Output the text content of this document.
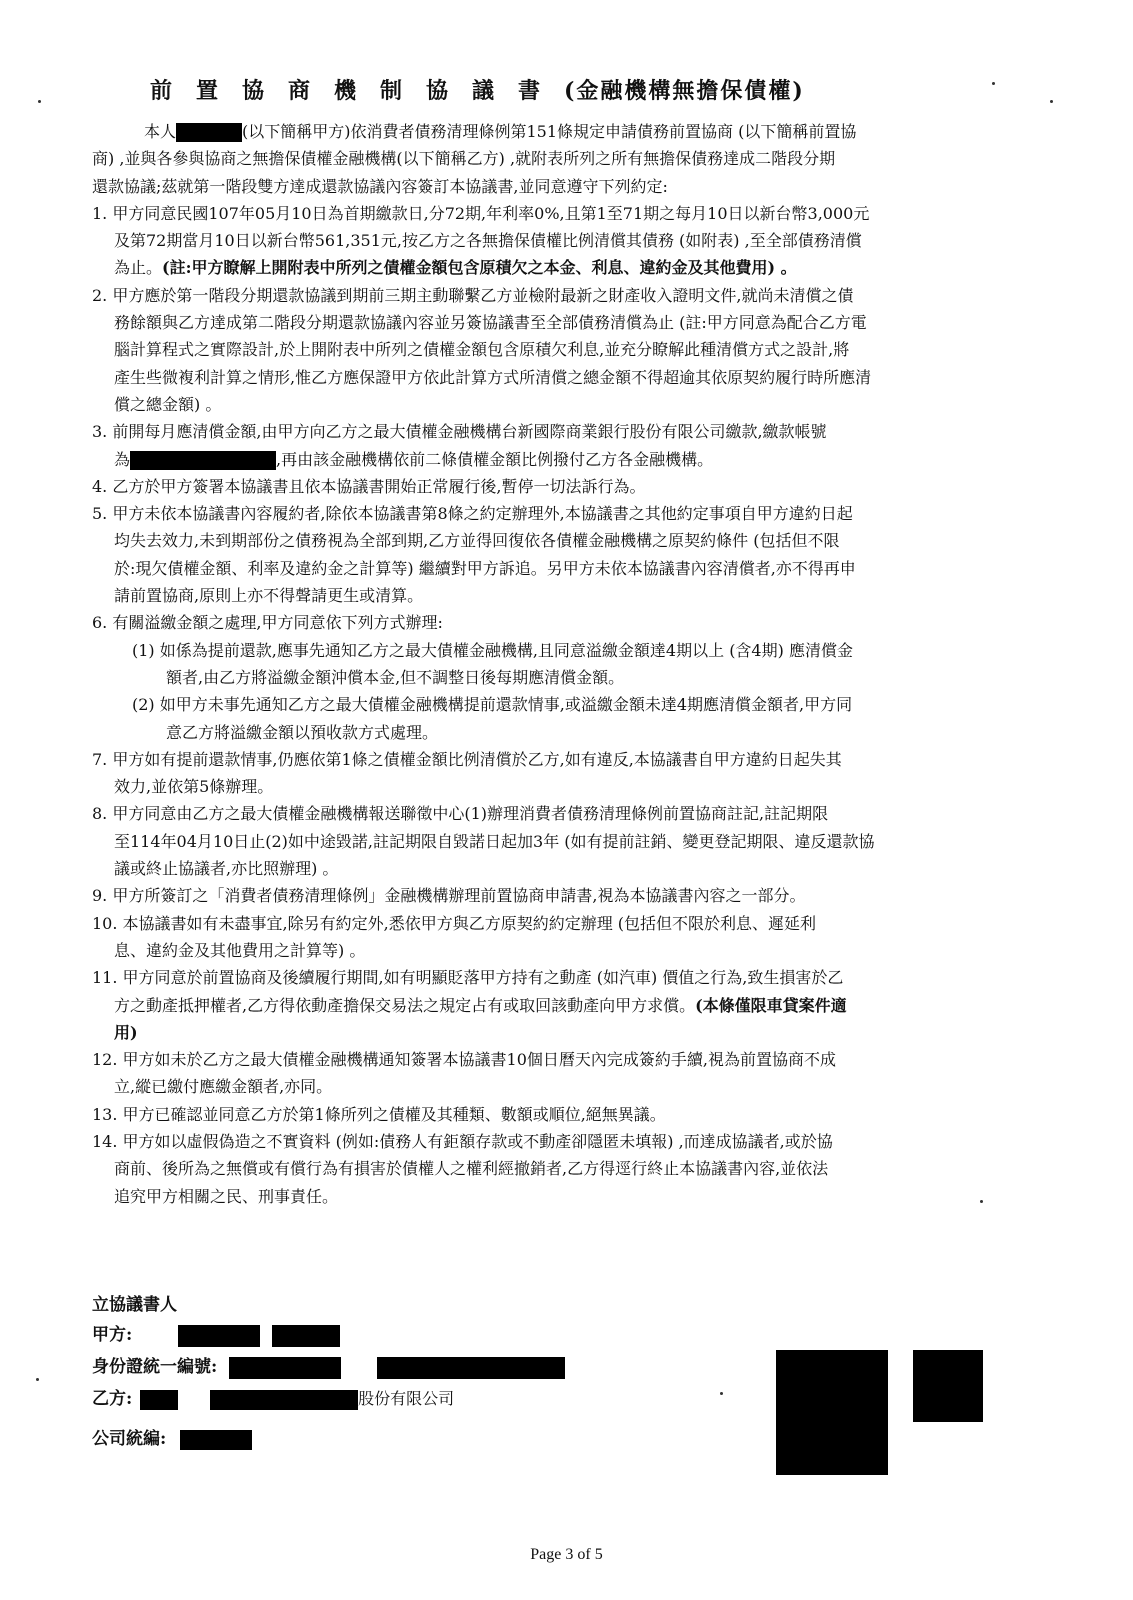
前置協商機制協議書(金融機構無擔保債權)
本人	(以下簡稱甲方)依消費者債務清理條例第151條規定申請債務前置協商 (以下簡稱前置協
商) ,並與各參與協商之無擔保債權金融機構(以下簡稱乙方) ,就附表所列之所有無擔保債務達成二階段分期
還款協議;茲就第一階段雙方達成還款協議內容簽訂本協議書,並同意遵守下列約定:
1. 甲方同意民國107年05月10日為首期繳款日,分72期,年利率0%,且第1至71期之每月10日以新台幣3,000元
及第72期當月10日以新台幣561,351元,按乙方之各無擔保債權比例清償其債務 (如附表) ,至全部債務清償
為止。(註:甲方瞭解上開附表中所列之債權金額包含原積欠之本金、利息、違約金及其他費用) 。
2. 甲方應於第一階段分期還款協議到期前三期主動聯繫乙方並檢附最新之財產收入證明文件,就尚未清償之債
務餘額與乙方達成第二階段分期還款協議內容並另簽協議書至全部債務清償為止 (註:甲方同意為配合乙方電
腦計算程式之實際設計,於上開附表中所列之債權金額包含原積欠利息,並充分瞭解此種清償方式之設計,將
產生些微複利計算之情形,惟乙方應保證甲方依此計算方式所清償之總金額不得超逾其依原契約履行時所應清
償之總金額) 。
3. 前開每月應清償金額,由甲方向乙方之最大債權金融機構台新國際商業銀行股份有限公司繳款,繳款帳號
為	,再由該金融機構依前二條債權金額比例撥付乙方各金融機構。
4. 乙方於甲方簽署本協議書且依本協議書開始正常履行後,暫停一切法訴行為。
5. 甲方未依本協議書內容履約者,除依本協議書第8條之約定辦理外,本協議書之其他約定事項自甲方違約日起
均失去效力,未到期部份之債務視為全部到期,乙方並得回復依各債權金融機構之原契約條件 (包括但不限
於:現欠債權金額、利率及違約金之計算等) 繼續對甲方訴追。另甲方未依本協議書內容清償者,亦不得再申
請前置協商,原則上亦不得聲請更生或清算。
6. 有關溢繳金額之處理,甲方同意依下列方式辦理:
(1) 如係為提前還款,應事先通知乙方之最大債權金融機構,且同意溢繳金額達4期以上 (含4期) 應清償金
額者,由乙方將溢繳金額沖償本金,但不調整日後每期應清償金額。
(2) 如甲方未事先通知乙方之最大債權金融機構提前還款情事,或溢繳金額未達4期應清償金額者,甲方同
意乙方將溢繳金額以預收款方式處理。
7. 甲方如有提前還款情事,仍應依第1條之債權金額比例清償於乙方,如有違反,本協議書自甲方違約日起失其
效力,並依第5條辦理。
8. 甲方同意由乙方之最大債權金融機構報送聯徵中心(1)辦理消費者債務清理條例前置協商註記,註記期限
至114年04月10日止(2)如中途毀諾,註記期限自毀諾日起加3年 (如有提前註銷、變更登記期限、違反還款協
議或終止協議者,亦比照辦理) 。
9. 甲方所簽訂之「消費者債務清理條例」金融機構辦理前置協商申請書,視為本協議書內容之一部分。
10. 本協議書如有未盡事宜,除另有約定外,悉依甲方與乙方原契約約定辦理 (包括但不限於利息、遲延利
息、違約金及其他費用之計算等) 。
11. 甲方同意於前置協商及後續履行期間,如有明顯貶落甲方持有之動產 (如汽車) 價值之行為,致生損害於乙
方之動產抵押權者,乙方得依動產擔保交易法之規定占有或取回該動產向甲方求償。(本條僅限車貸案件適
用)
12. 甲方如未於乙方之最大債權金融機構通知簽署本協議書10個日曆天內完成簽約手續,視為前置協商不成
立,縱已繳付應繳金額者,亦同。
13. 甲方已確認並同意乙方於第1條所列之債權及其種類、數額或順位,絕無異議。
14. 甲方如以虛假偽造之不實資料 (例如:債務人有鉅額存款或不動產卻隱匿未填報) ,而達成協議者,或於協
商前、後所為之無償或有償行為有損害於債權人之權利經撤銷者,乙方得逕行終止本協議書內容,並依法
追究甲方相關之民、刑事責任。
立協議書人
甲方:
身份證統一編號:
乙方:	股份有限公司
公司統編:
Page 3 of 5
